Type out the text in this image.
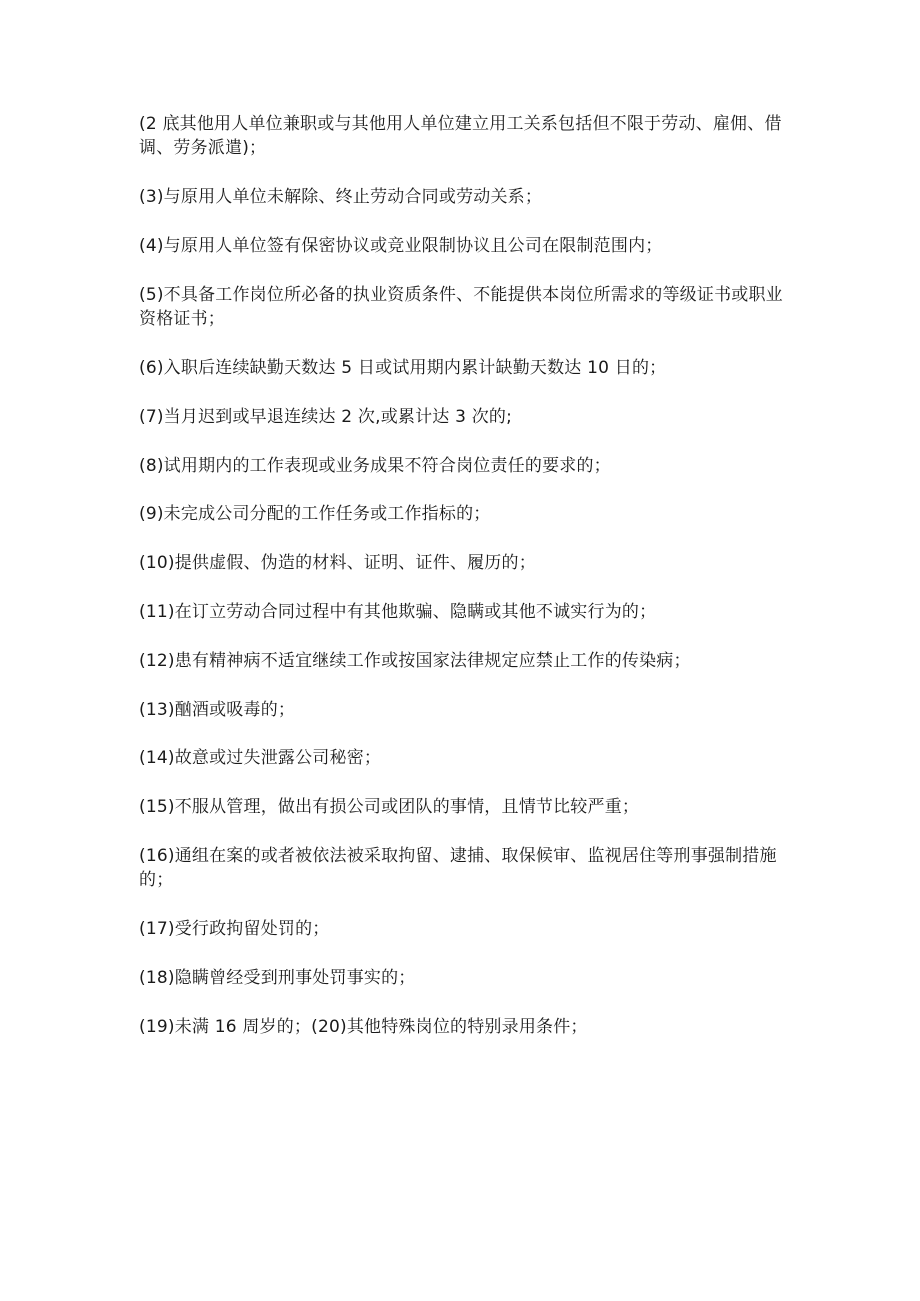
(2 底其他用人单位兼职或与其他用人单位建立用工关系包括但不限于劳动、雇佣、借调、劳务派遣)；

(3)与原用人单位未解除、终止劳动合同或劳动关系；

(4)与原用人单位签有保密协议或竞业限制协议且公司在限制范围内；

(5)不具备工作岗位所必备的执业资质条件、不能提供本岗位所需求的等级证书或职业资格证书；

(6)入职后连续缺勤天数达 5 日或试用期内累计缺勤天数达 10 日的；

(7)当月迟到或早退连续达 2 次,或累计达 3 次的;

(8)试用期内的工作表现或业务成果不符合岗位责任的要求的；

(9)未完成公司分配的工作任务或工作指标的；

(10)提供虚假、伪造的材料、证明、证件、履历的；

(11)在订立劳动合同过程中有其他欺骗、隐瞒或其他不诚实行为的；

(12)患有精神病不适宜继续工作或按国家法律规定应禁止工作的传染病；

(13)酗酒或吸毒的；

(14)故意或过失泄露公司秘密；

(15)不服从管理，做出有损公司或团队的事情，且情节比较严重；

(16)通组在案的或者被依法被采取拘留、逮捕、取保候审、监视居住等刑事强制措施的；

(17)受行政拘留处罚的；

(18)隐瞒曾经受到刑事处罚事实的；

(19)未满 16 周岁的；(20)其他特殊岗位的特别录用条件；
